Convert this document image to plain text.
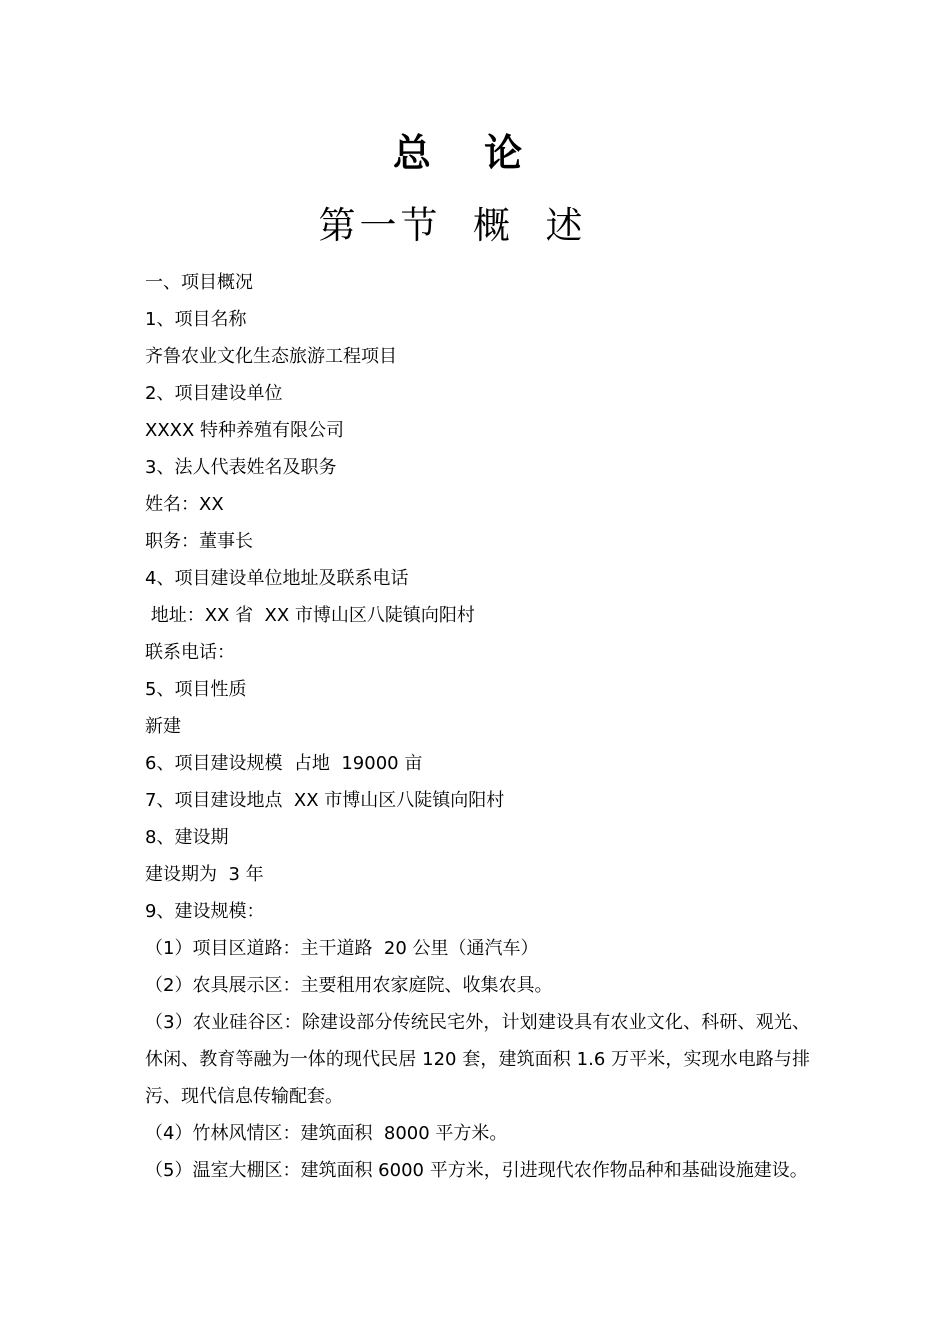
总 论
第一节  概  述
一、项目概况
1、项目名称
齐鲁农业文化生态旅游工程项目
2、项目建设单位
XXXX 特种养殖有限公司
3、法人代表姓名及职务
姓名：XX
职务：董事长
4、项目建设单位地址及联系电话
地址：XX 省  XX 市博山区八陡镇向阳村
联系电话：
5、项目性质
新建
6、项目建设规模  占地  19000 亩
7、项目建设地点  XX 市博山区八陡镇向阳村
8、建设期
建设期为  3 年
9、建设规模：
（1）项目区道路：主干道路  20 公里（通汽车）
（2）农具展示区：主要租用农家庭院、收集农具。
（3）农业硅谷区：除建设部分传统民宅外，计划建设具有农业文化、科研、观光、休闲、教育等融为一体的现代民居 120 套，建筑面积 1.6 万平米，实现水电路与排污、现代信息传输配套。
（4）竹林风情区：建筑面积  8000 平方米。
（5）温室大棚区：建筑面积 6000 平方米，引进现代农作物品种和基础设施建设。
